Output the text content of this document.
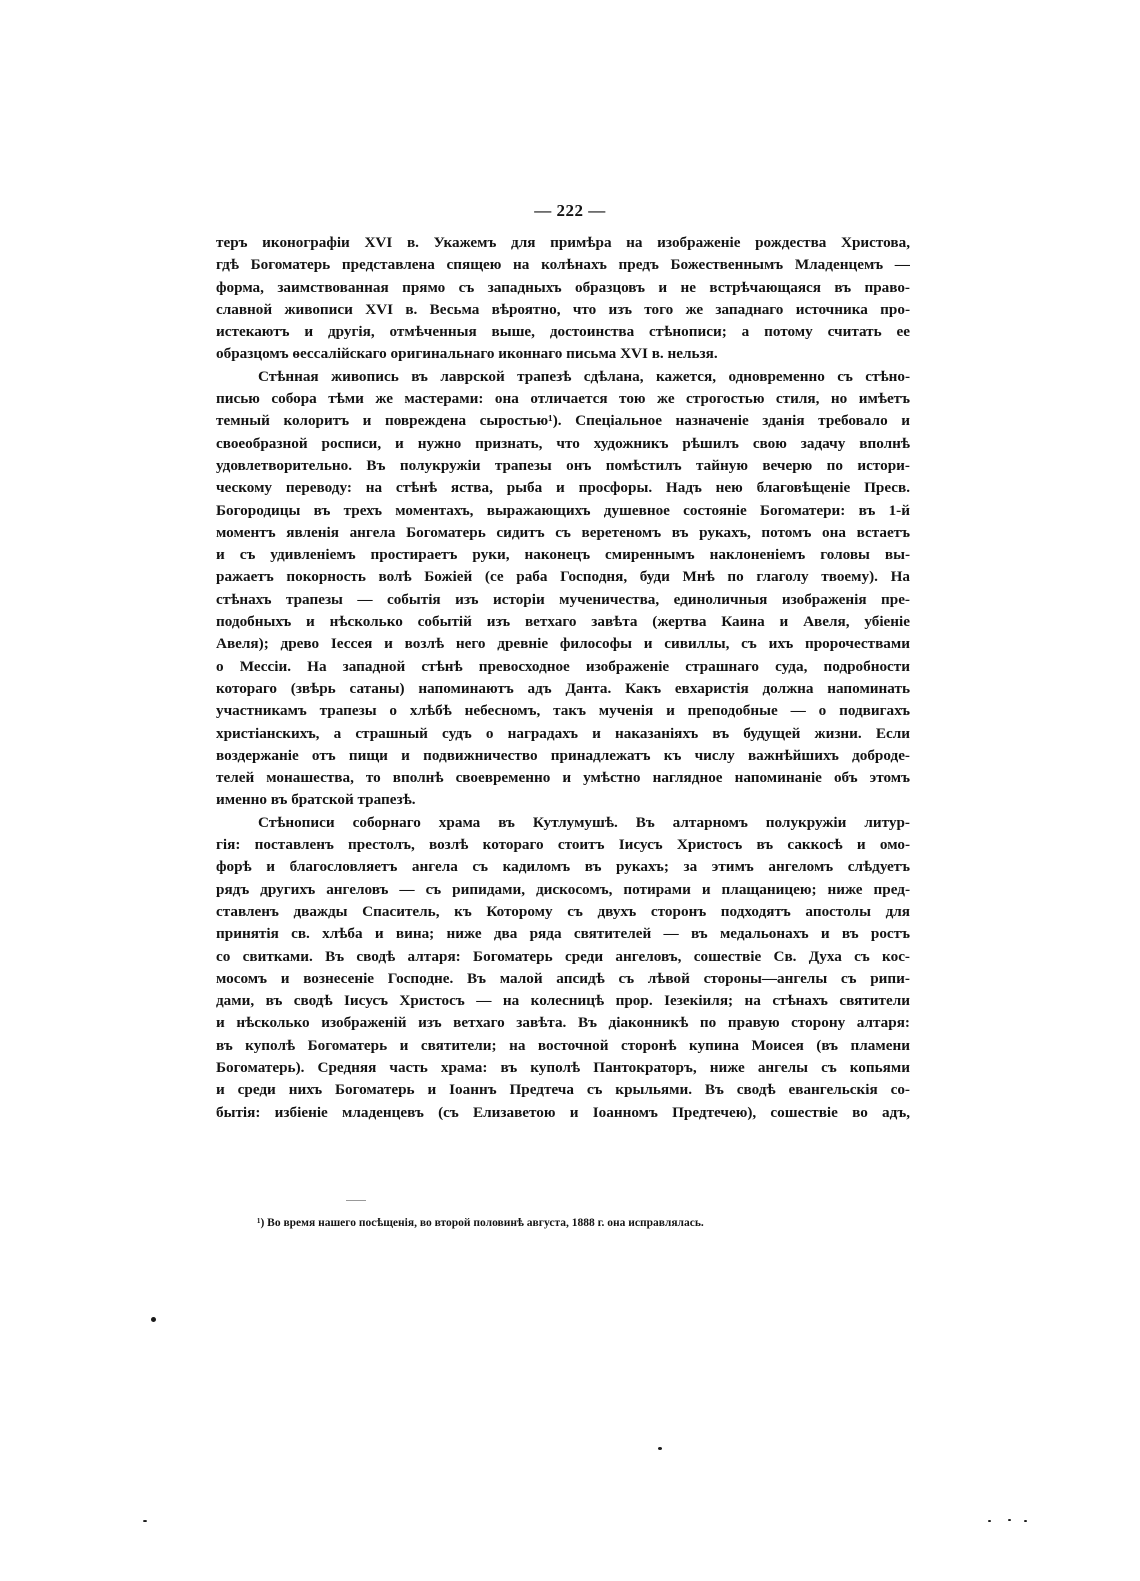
— 222 —

теръ иконографіи XVI в. Укажемъ для примѣра на изображеніе рождества Христова,
гдѣ Богоматерь представлена спящею на колѣнахъ предъ Божественнымъ Младенцемъ —
форма, заимствованная прямо съ западныхъ образцовъ и не встрѣчающаяся въ право-
славной живописи XVI в. Весьма вѣроятно, что изъ того же западнаго источника про-
истекаютъ и другія, отмѣченныя выше, достоинства стѣнописи; а потому считать ее
образцомъ ѳессалійскаго оригинальнаго иконнаго письма XVI в. нельзя.

Стѣнная живопись въ лаврской трапезѣ сдѣлана, кажется, одновременно съ стѣно-
писью собора тѣми же мастерами: она отличается тою же строгостью стиля, но имѣетъ
темный колоритъ и повреждена сыростью¹). Спеціальное назначеніе зданія требовало и
своеобразной росписи, и нужно признать, что художникъ рѣшилъ свою задачу вполнѣ
удовлетворительно. Въ полукружіи трапезы онъ помѣстилъ тайную вечерю по истори-
ческому переводу: на стѣнѣ яства, рыба и просфоры. Надъ нею благовѣщеніе Пресв.
Богородицы въ трехъ моментахъ, выражающихъ душевное состояніе Богоматери: въ 1-й
моментъ явленія ангела Богоматерь сидитъ съ веретеномъ въ рукахъ, потомъ она встаетъ
и съ удивленіемъ простираетъ руки, наконецъ смиреннымъ наклоненіемъ головы вы-
ражаетъ покорность волѣ Божіей (се раба Господня, буди Мнѣ по глаголу твоему). На
стѣнахъ трапезы — событія изъ исторіи мученичества, единоличныя изображенія пре-
подобныхъ и нѣсколько событій изъ ветхаго завѣта (жертва Каина и Авеля, убіеніе
Авеля); древо Іессея и возлѣ него древніе философы и сивиллы, съ ихъ пророчествами
о Мессіи. На западной стѣнѣ превосходное изображеніе страшнаго суда, подробности
котораго (звѣрь сатаны) напоминаютъ адъ Данта. Какъ евхаристія должна напоминать
участникамъ трапезы о хлѣбѣ небесномъ, такъ мученія и преподобные — о подвигахъ
христіанскихъ, а страшный судъ о наградахъ и наказаніяхъ въ будущей жизни. Если
воздержаніе отъ пищи и подвижничество принадлежатъ къ числу важнѣйшихъ доброде-
телей монашества, то вполнѣ своевременно и умѣстно наглядное напоминаніе объ этомъ
именно въ братской трапезѣ.

Стѣнописи соборнаго храма въ Кутлумушѣ. Въ алтарномъ полукружіи литур-
гія: поставленъ престолъ, возлѣ котораго стоитъ Іисусъ Христосъ въ саккосѣ и омо-
форѣ и благословляетъ ангела съ кадиломъ въ рукахъ; за этимъ ангеломъ слѣдуетъ
рядъ другихъ ангеловъ — съ рипидами, дискосомъ, потирами и плащаницею; ниже пред-
ставленъ дважды Спаситель, къ Которому съ двухъ сторонъ подходятъ апостолы для
принятія св. хлѣба и вина; ниже два ряда святителей — въ медальонахъ и въ ростъ
со свитками. Въ сводѣ алтаря: Богоматерь среди ангеловъ, сошествіе Св. Духа съ кос-
мосомъ и вознесеніе Господне. Въ малой апсидѣ съ лѣвой стороны—ангелы съ рипи-
дами, въ сводѣ Іисусъ Христосъ — на колесницѣ прор. Іезекіиля; на стѣнахъ святители
и нѣсколько изображеній изъ ветхаго завѣта. Въ діаконникѣ по правую сторону алтаря:
въ куполѣ Богоматерь и святители; на восточной сторонѣ купина Моисея (въ пламени
Богоматерь). Средняя часть храма: въ куполѣ Пантократоръ, ниже ангелы съ копьями
и среди нихъ Богоматерь и Іоаннъ Предтеча съ крыльями. Въ сводѣ евангельскія со-
бытія: избіеніе младенцевъ (съ Елизаветою и Іоанномъ Предтечею), сошествіе во адъ,

¹) Во время нашего посѣщенія, во второй половинѣ августа, 1888 г. она исправлялась.
